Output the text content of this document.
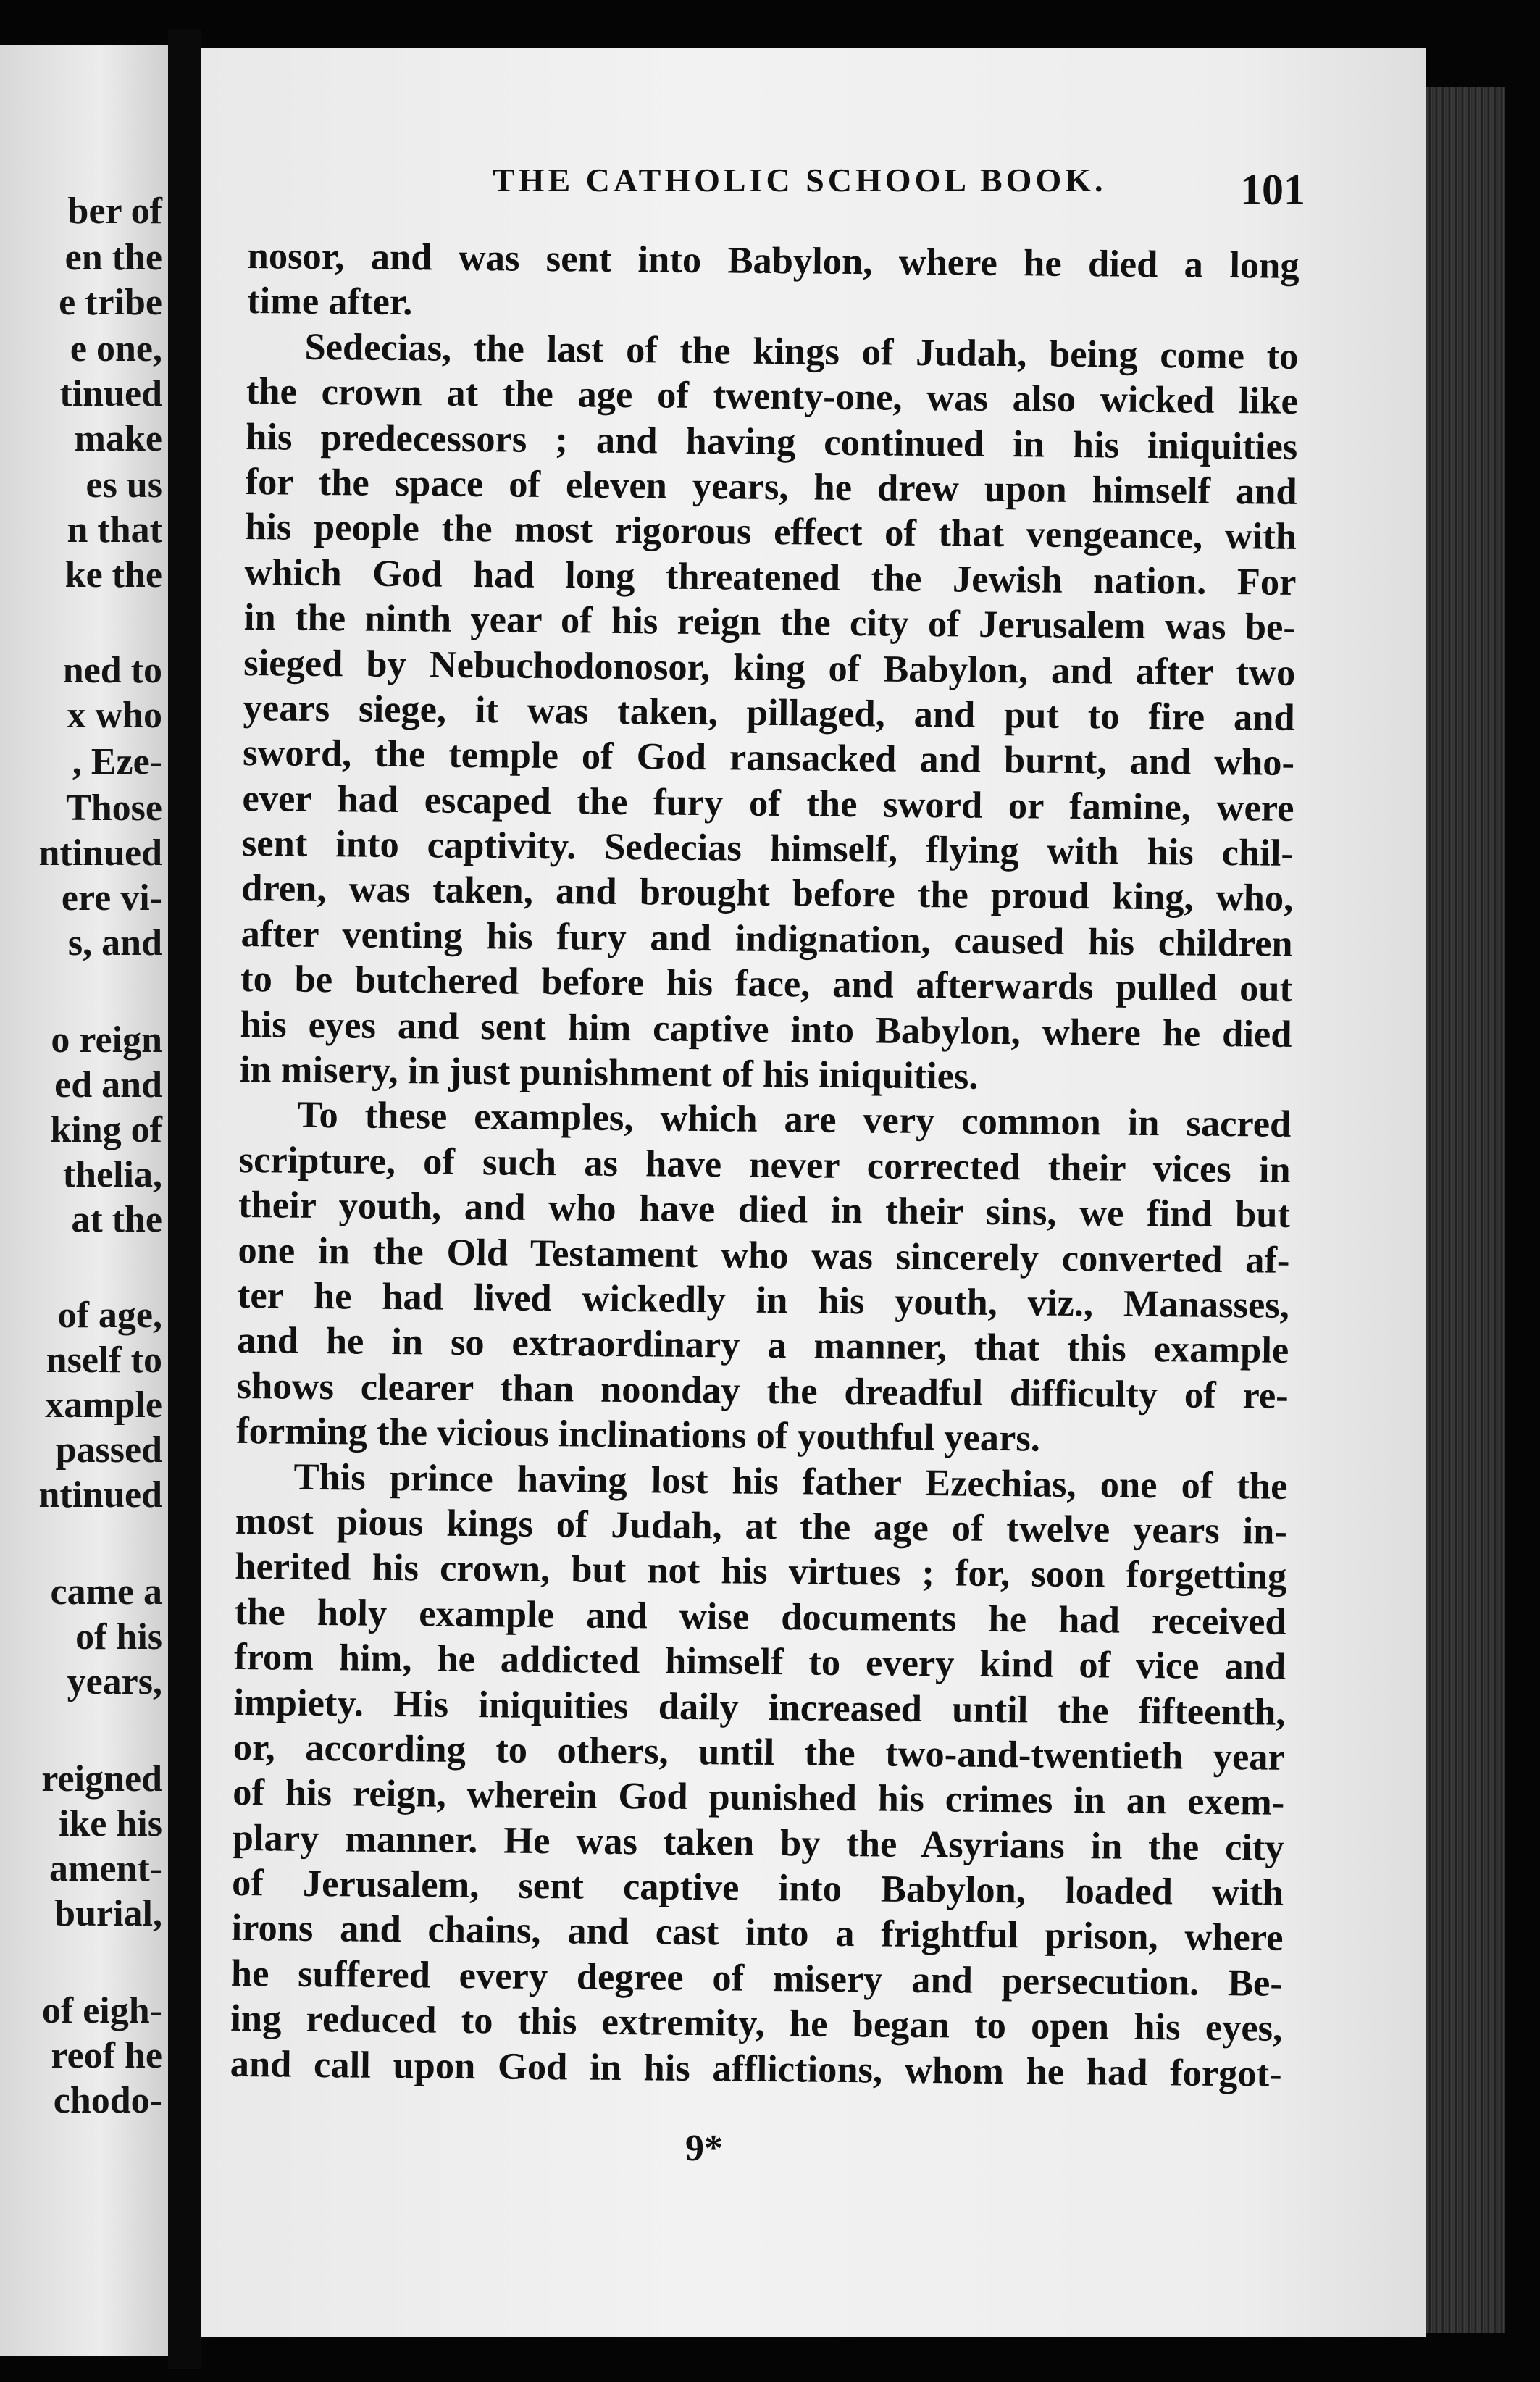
ber of
en the
e tribe
e one,
tinued
make
es us
n that
ke the
ned to
x who
, Eze-
Those
ntinued
ere vi-
s, and
o reign
ed and
king of
thelia,
at the
of age,
nself to
xample
passed
ntinued
came a
of his
years,
reigned
ike his
ament-
burial,
of eigh-
reof he
chodo-
THE CATHOLIC SCHOOL BOOK.	101
nosor, and was sent into Babylon, where he died a long
time after.
Sedecias, the last of the kings of Judah, being come to
the crown at the age of twenty-one, was also wicked like
his predecessors ; and having continued in his iniquities
for the space of eleven years, he drew upon himself and
his people the most rigorous effect of that vengeance, with
which God had long threatened the Jewish nation. For
in the ninth year of his reign the city of Jerusalem was be-
sieged by Nebuchodonosor, king of Babylon, and after two
years siege, it was taken, pillaged, and put to fire and
sword, the temple of God ransacked and burnt, and who-
ever had escaped the fury of the sword or famine, were
sent into captivity. Sedecias himself, flying with his chil-
dren, was taken, and brought before the proud king, who,
after venting his fury and indignation, caused his children
to be butchered before his face, and afterwards pulled out
his eyes and sent him captive into Babylon, where he died
in misery, in just punishment of his iniquities.
To these examples, which are very common in sacred
scripture, of such as have never corrected their vices in
their youth, and who have died in their sins, we find but
one in the Old Testament who was sincerely converted af-
ter he had lived wickedly in his youth, viz., Manasses,
and he in so extraordinary a manner, that this example
shows clearer than noonday the dreadful difficulty of re-
forming the vicious inclinations of youthful years.
This prince having lost his father Ezechias, one of the
most pious kings of Judah, at the age of twelve years in-
herited his crown, but not his virtues ; for, soon forgetting
the holy example and wise documents he had received
from him, he addicted himself to every kind of vice and
impiety. His iniquities daily increased until the fifteenth,
or, according to others, until the two-and-twentieth year
of his reign, wherein God punished his crimes in an exem-
plary manner. He was taken by the Asyrians in the city
of Jerusalem, sent captive into Babylon, loaded with
irons and chains, and cast into a frightful prison, where
he suffered every degree of misery and persecution. Be-
ing reduced to this extremity, he began to open his eyes,
and call upon God in his afflictions, whom he had forgot-
9*
